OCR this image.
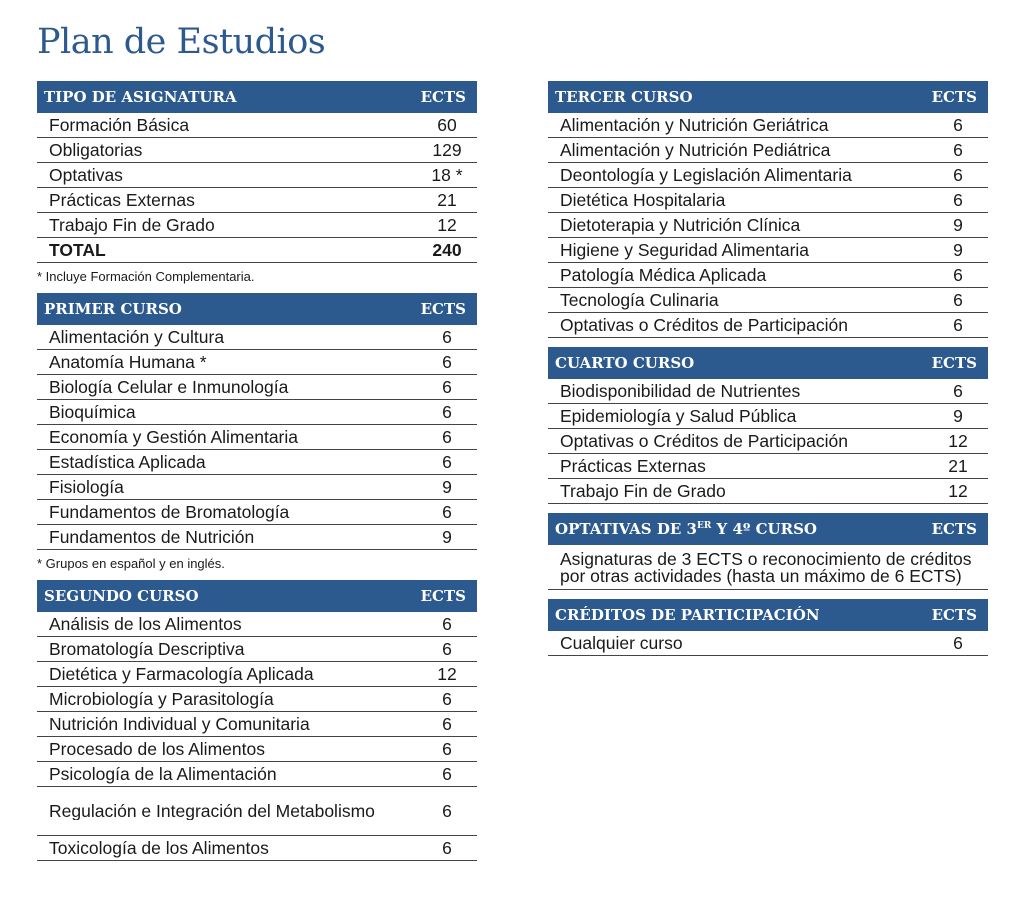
Plan de Estudios
TIPO DE ASIGNATURA	ECTS
Formación Básica	60
Obligatorias	129
Optativas	18 *
Prácticas Externas	21
Trabajo Fin de Grado	12
TOTAL	240
* Incluye Formación Complementaria.
PRIMER CURSO	ECTS
Alimentación y Cultura	6
Anatomía Humana *	6
Biología Celular e Inmunología	6
Bioquímica	6
Economía y Gestión Alimentaria	6
Estadística Aplicada	6
Fisiología	9
Fundamentos de Bromatología	6
Fundamentos de Nutrición	9
* Grupos en español y en inglés.
SEGUNDO CURSO	ECTS
Análisis de los Alimentos	6
Bromatología Descriptiva	6
Dietética y Farmacología Aplicada	12
Microbiología y Parasitología	6
Nutrición Individual y Comunitaria	6
Procesado de los Alimentos	6
Psicología de la Alimentación	6
Regulación e Integración del Metabolismo	6
Toxicología de los Alimentos	6
TERCER CURSO	ECTS
Alimentación y Nutrición Geriátrica	6
Alimentación y Nutrición Pediátrica	6
Deontología y Legislación Alimentaria	6
Dietética Hospitalaria	6
Dietoterapia y Nutrición Clínica	9
Higiene y Seguridad Alimentaria	9
Patología Médica Aplicada	6
Tecnología Culinaria	6
Optativas o Créditos de Participación	6
CUARTO CURSO	ECTS
Biodisponibilidad de Nutrientes	6
Epidemiología y Salud Pública	9
Optativas o Créditos de Participación	12
Prácticas Externas	21
Trabajo Fin de Grado	12
OPTATIVAS DE 3ER Y 4º CURSO	ECTS
Asignaturas de 3 ECTS o reconocimiento de créditos por otras actividades (hasta un máximo de 6 ECTS)
CRÉDITOS DE PARTICIPACIÓN	ECTS
Cualquier curso	6
